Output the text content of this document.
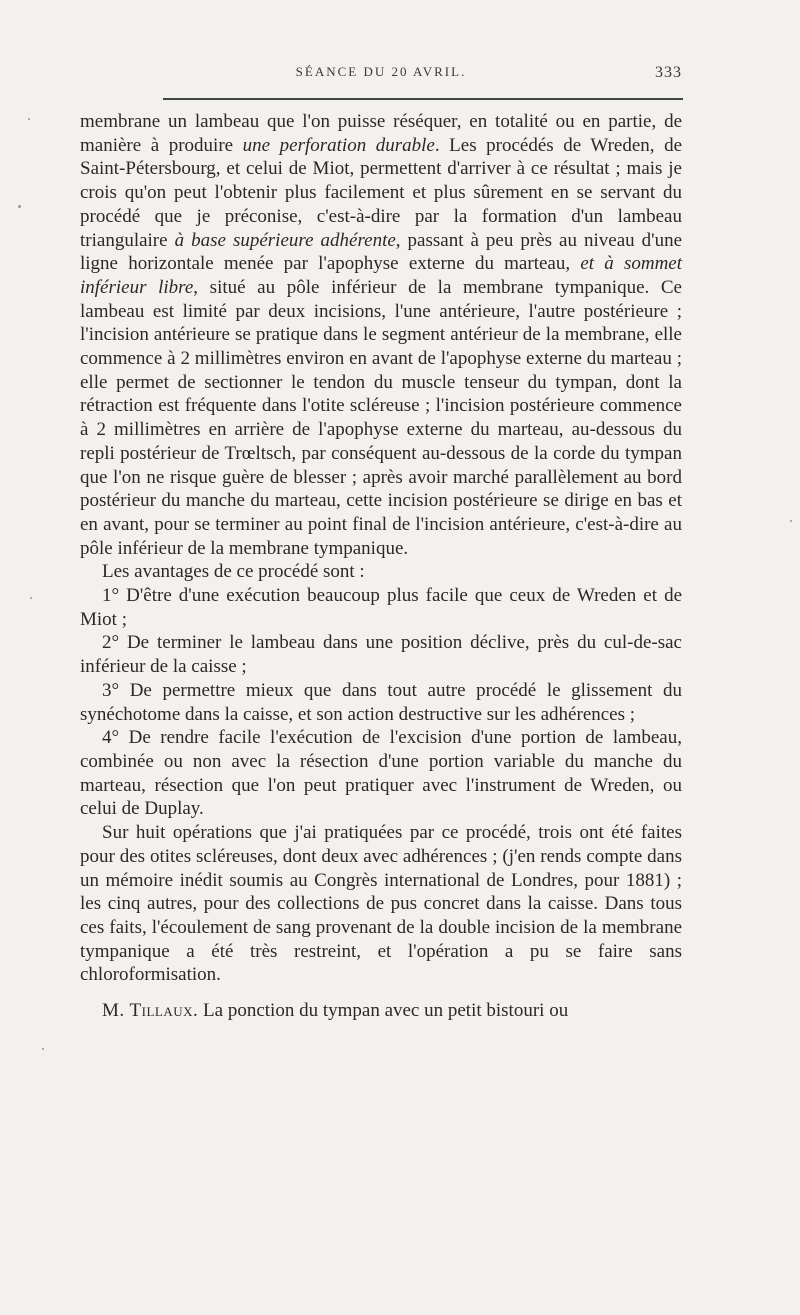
SÉANCE DU 20 AVRIL.	333

membrane un lambeau que l'on puisse réséquer, en totalité ou en partie, de manière à produire une perforation durable. Les procédés de Wreden, de Saint-Pétersbourg, et celui de Miot, permettent d'arriver à ce résultat ; mais je crois qu'on peut l'obtenir plus facilement et plus sûrement en se servant du procédé que je préconise, c'est-à-dire par la formation d'un lambeau triangulaire à base supérieure adhérente, passant à peu près au niveau d'une ligne horizontale menée par l'apophyse externe du marteau, et à sommet inférieur libre, situé au pôle inférieur de la membrane tympanique. Ce lambeau est limité par deux incisions, l'une antérieure, l'autre postérieure ; l'incision antérieure se pratique dans le segment antérieur de la membrane, elle commence à 2 millimètres environ en avant de l'apophyse externe du marteau ; elle permet de sectionner le tendon du muscle tenseur du tympan, dont la rétraction est fréquente dans l'otite scléreuse ; l'incision postérieure commence à 2 millimètres en arrière de l'apophyse externe du marteau, au-dessous du repli postérieur de Trœltsch, par conséquent au-dessous de la corde du tympan que l'on ne risque guère de blesser ; après avoir marché parallèlement au bord postérieur du manche du marteau, cette incision postérieure se dirige en bas et en avant, pour se terminer au point final de l'incision antérieure, c'est-à-dire au pôle inférieur de la membrane tympanique.

Les avantages de ce procédé sont :

1° D'être d'une exécution beaucoup plus facile que ceux de Wreden et de Miot ;

2° De terminer le lambeau dans une position déclive, près du cul-de-sac inférieur de la caisse ;

3° De permettre mieux que dans tout autre procédé le glissement du synéchotome dans la caisse, et son action destructive sur les adhérences ;

4° De rendre facile l'exécution de l'excision d'une portion de lambeau, combinée ou non avec la résection d'une portion variable du manche du marteau, résection que l'on peut pratiquer avec l'instrument de Wreden, ou celui de Duplay.

Sur huit opérations que j'ai pratiquées par ce procédé, trois ont été faites pour des otites scléreuses, dont deux avec adhérences ; (j'en rends compte dans un mémoire inédit soumis au Congrès international de Londres, pour 1881) ; les cinq autres, pour des collections de pus concret dans la caisse. Dans tous ces faits, l'écoulement de sang provenant de la double incision de la membrane tympanique a été très restreint, et l'opération a pu se faire sans chloroformisation.

M. Tillaux. La ponction du tympan avec un petit bistouri ou
